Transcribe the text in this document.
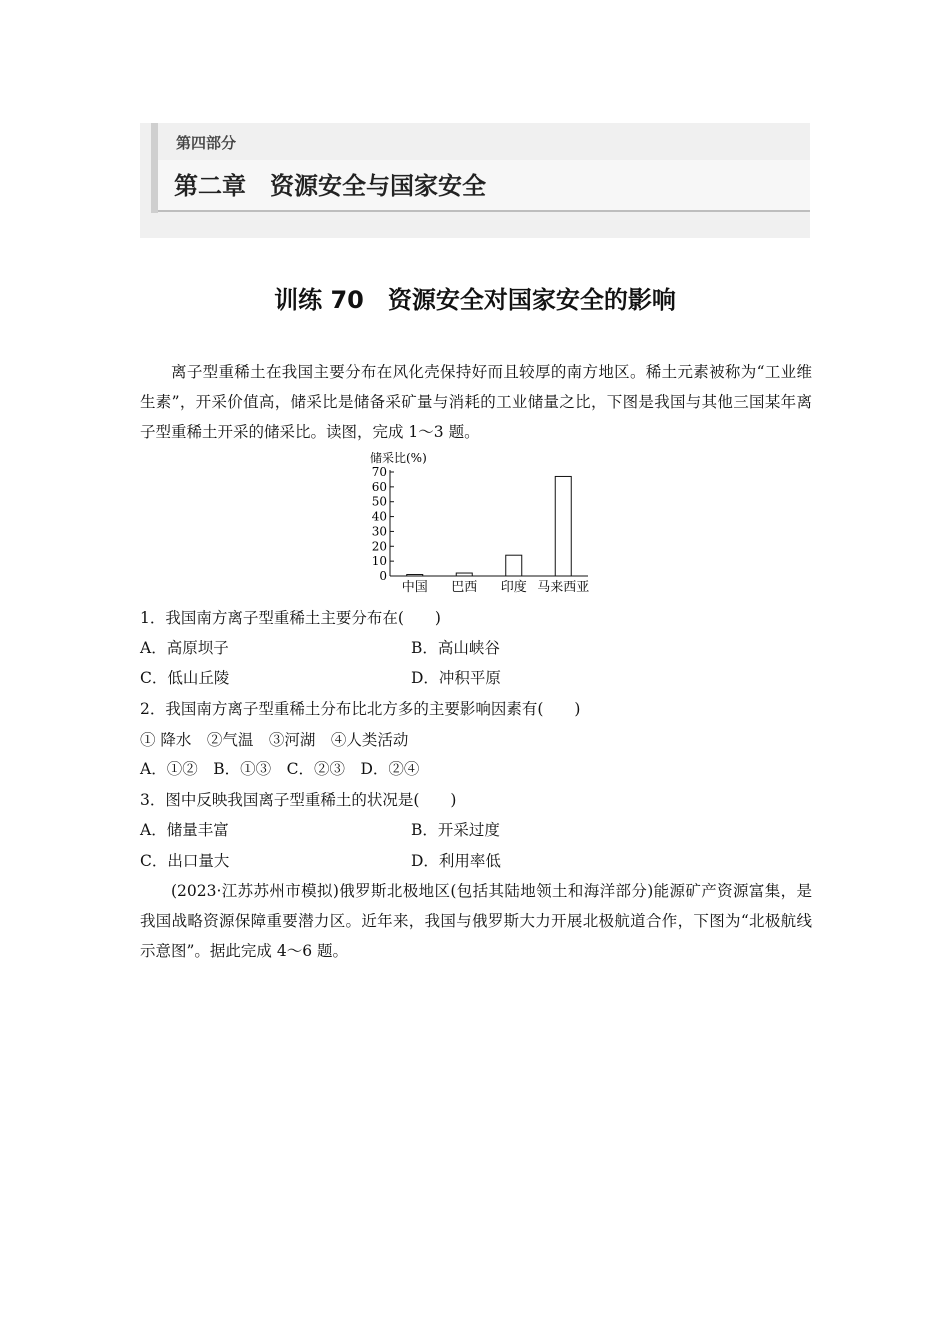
第四部分
第二章　资源安全与国家安全
训练 70　资源安全对国家安全的影响
离子型重稀土在我国主要分布在风化壳保持好而且较厚的南方地区。稀土元素被称为“工业维生素”，开采价值高，储采比是储备采矿量与消耗的工业储量之比，下图是我国与其他三国某年离子型重稀土开采的储采比。读图，完成 1～3 题。
储采比(%)
0
10
20
30
40
50
60
70
中国 巴西 印度 马来西亚
1．我国南方离子型重稀土主要分布在(　　)
A．高原坝子	B．高山峡谷
C．低山丘陵	D．冲积平原
2．我国南方离子型重稀土分布比北方多的主要影响因素有(　　)
① 降水　②气温　③河湖　④人类活动
A．①②　B．①③　C．②③　D．②④
3．图中反映我国离子型重稀土的状况是(　　)
A．储量丰富	B．开采过度
C．出口量大	D．利用率低
(2023·江苏苏州市模拟)俄罗斯北极地区(包括其陆地领土和海洋部分)能源矿产资源富集，是我国战略资源保障重要潜力区。近年来，我国与俄罗斯大力开展北极航道合作，下图为“北极航线示意图”。据此完成 4～6 题。
